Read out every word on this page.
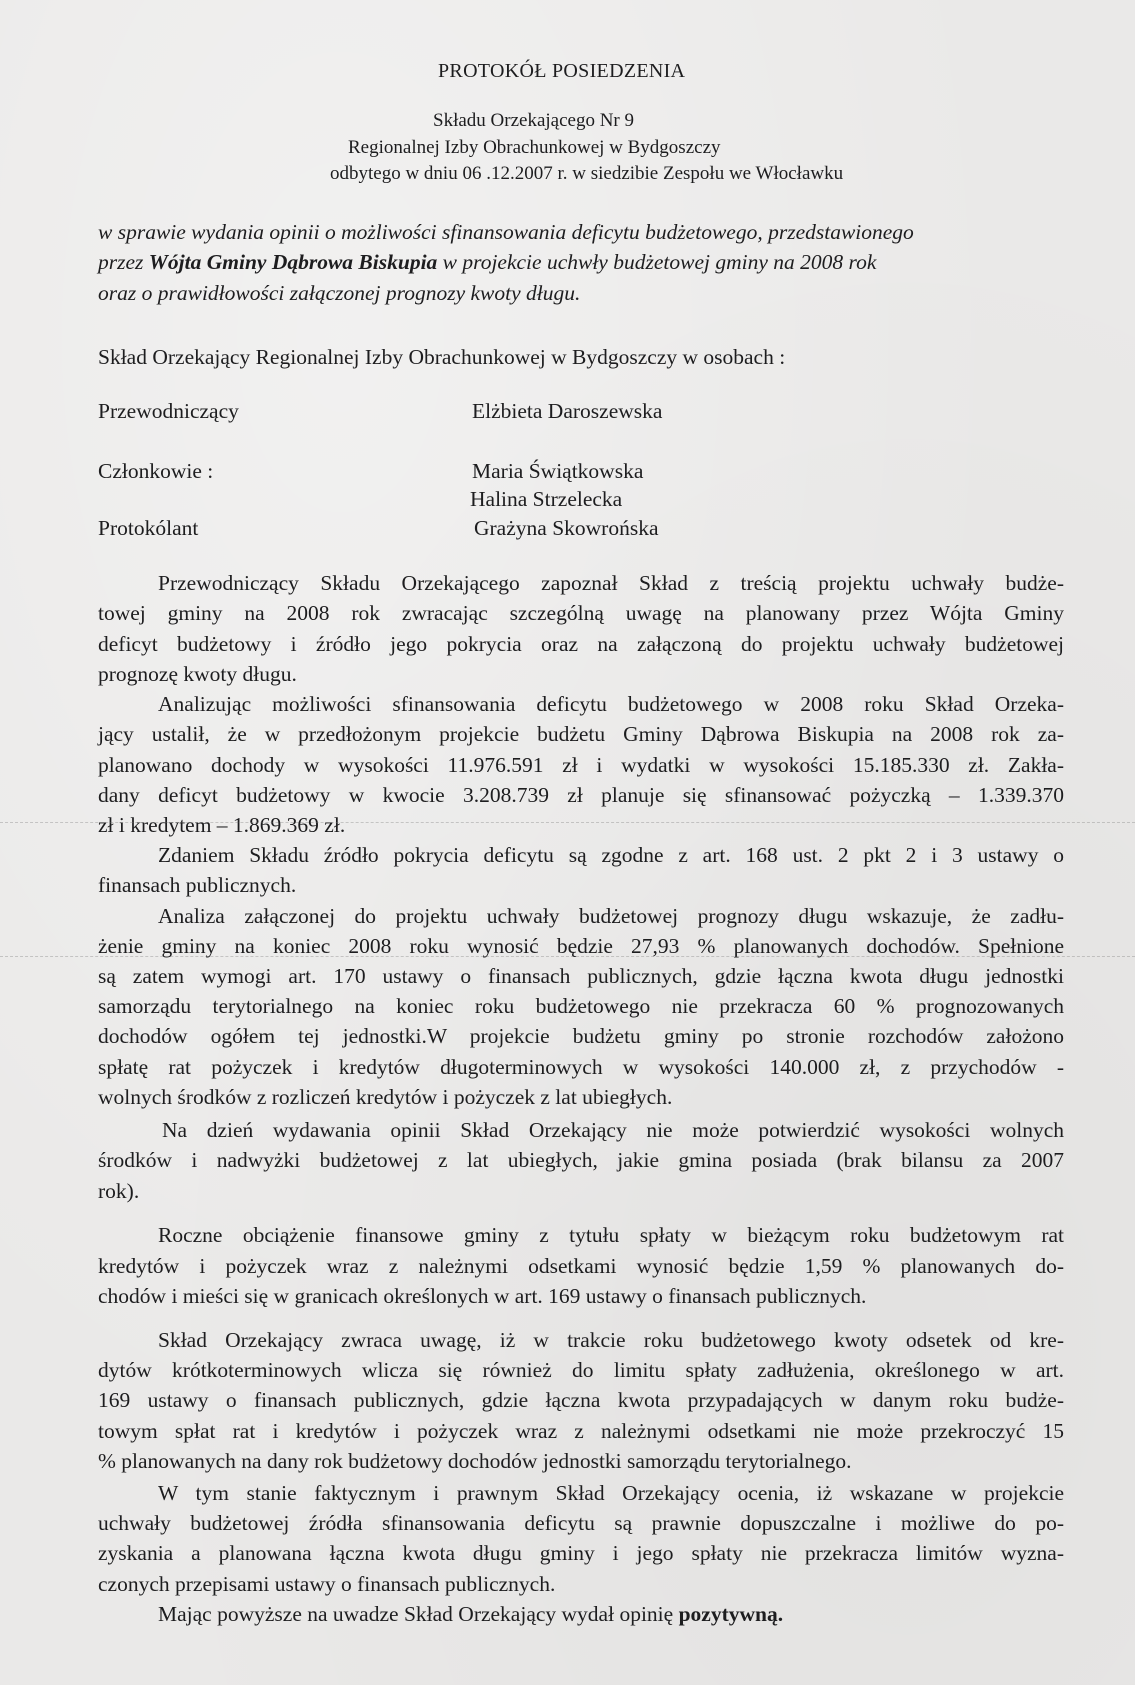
PROTOKÓŁ POSIEDZENIA
Składu Orzekającego Nr 9
Regionalnej Izby Obrachunkowej w Bydgoszczy
odbytego w dniu 06 .12.2007 r. w siedzibie Zespołu we Włocławku
w sprawie wydania opinii o możliwości sfinansowania deficytu budżetowego, przedstawionego
przez Wójta Gminy Dąbrowa Biskupia w projekcie uchwły budżetowej gminy na 2008 rok
oraz o prawidłowości załączonej prognozy kwoty długu.
Skład Orzekający Regionalnej Izby Obrachunkowej w Bydgoszczy w osobach :
Przewodniczący	Elżbieta Daroszewska
Członkowie :	Maria Świątkowska
Halina Strzelecka
Protokólant	Grażyna Skowrońska
Przewodniczący Składu Orzekającego zapoznał Skład z treścią projektu uchwały budże-
towej gminy na 2008 rok zwracając szczególną uwagę na planowany przez Wójta Gminy
deficyt budżetowy i źródło jego pokrycia oraz na załączoną do projektu uchwały budżetowej
prognozę kwoty długu.
Analizując możliwości sfinansowania deficytu budżetowego w 2008 roku Skład Orzeka-
jący ustalił, że w przedłożonym projekcie budżetu Gminy Dąbrowa Biskupia na 2008 rok za-
planowano dochody w wysokości 11.976.591 zł i wydatki w wysokości 15.185.330 zł. Zakła-
dany deficyt budżetowy w kwocie 3.208.739 zł planuje się sfinansować pożyczką – 1.339.370
zł i kredytem – 1.869.369 zł.
Zdaniem Składu źródło pokrycia deficytu są zgodne z art. 168 ust. 2 pkt 2 i 3 ustawy o
finansach publicznych.
Analiza załączonej do projektu uchwały budżetowej prognozy długu wskazuje, że zadłu-
żenie gminy na koniec 2008 roku wynosić będzie 27,93 % planowanych dochodów. Spełnione
są zatem wymogi art. 170 ustawy o finansach publicznych, gdzie łączna kwota długu jednostki
samorządu terytorialnego na koniec roku budżetowego nie przekracza 60 % prognozowanych
dochodów ogółem tej jednostki.W projekcie budżetu gminy po stronie rozchodów założono
spłatę rat pożyczek i kredytów długoterminowych w wysokości 140.000 zł, z przychodów -
wolnych środków z rozliczeń kredytów i pożyczek z lat ubiegłych.
Na dzień wydawania opinii Skład Orzekający nie może potwierdzić wysokości wolnych
środków i nadwyżki budżetowej z lat ubiegłych, jakie gmina posiada (brak bilansu za 2007
rok).
Roczne obciążenie finansowe gminy z tytułu spłaty w bieżącym roku budżetowym rat
kredytów i pożyczek wraz z należnymi odsetkami wynosić będzie 1,59 % planowanych do-
chodów i mieści się w granicach określonych w art. 169 ustawy o finansach publicznych.
Skład Orzekający zwraca uwagę, iż w trakcie roku budżetowego kwoty odsetek od kre-
dytów krótkoterminowych wlicza się również do limitu spłaty zadłużenia, określonego w art.
169 ustawy o finansach publicznych, gdzie łączna kwota przypadających w danym roku budże-
towym spłat rat i kredytów i pożyczek wraz z należnymi odsetkami nie może przekroczyć 15
% planowanych na dany rok budżetowy dochodów jednostki samorządu terytorialnego.
W tym stanie faktycznym i prawnym Skład Orzekający ocenia, iż wskazane w projekcie
uchwały budżetowej źródła sfinansowania deficytu są prawnie dopuszczalne i możliwe do po-
zyskania a planowana łączna kwota długu gminy i jego spłaty nie przekracza limitów wyzna-
czonych przepisami ustawy o finansach publicznych.
Mając powyższe na uwadze Skład Orzekający wydał opinię pozytywną.
